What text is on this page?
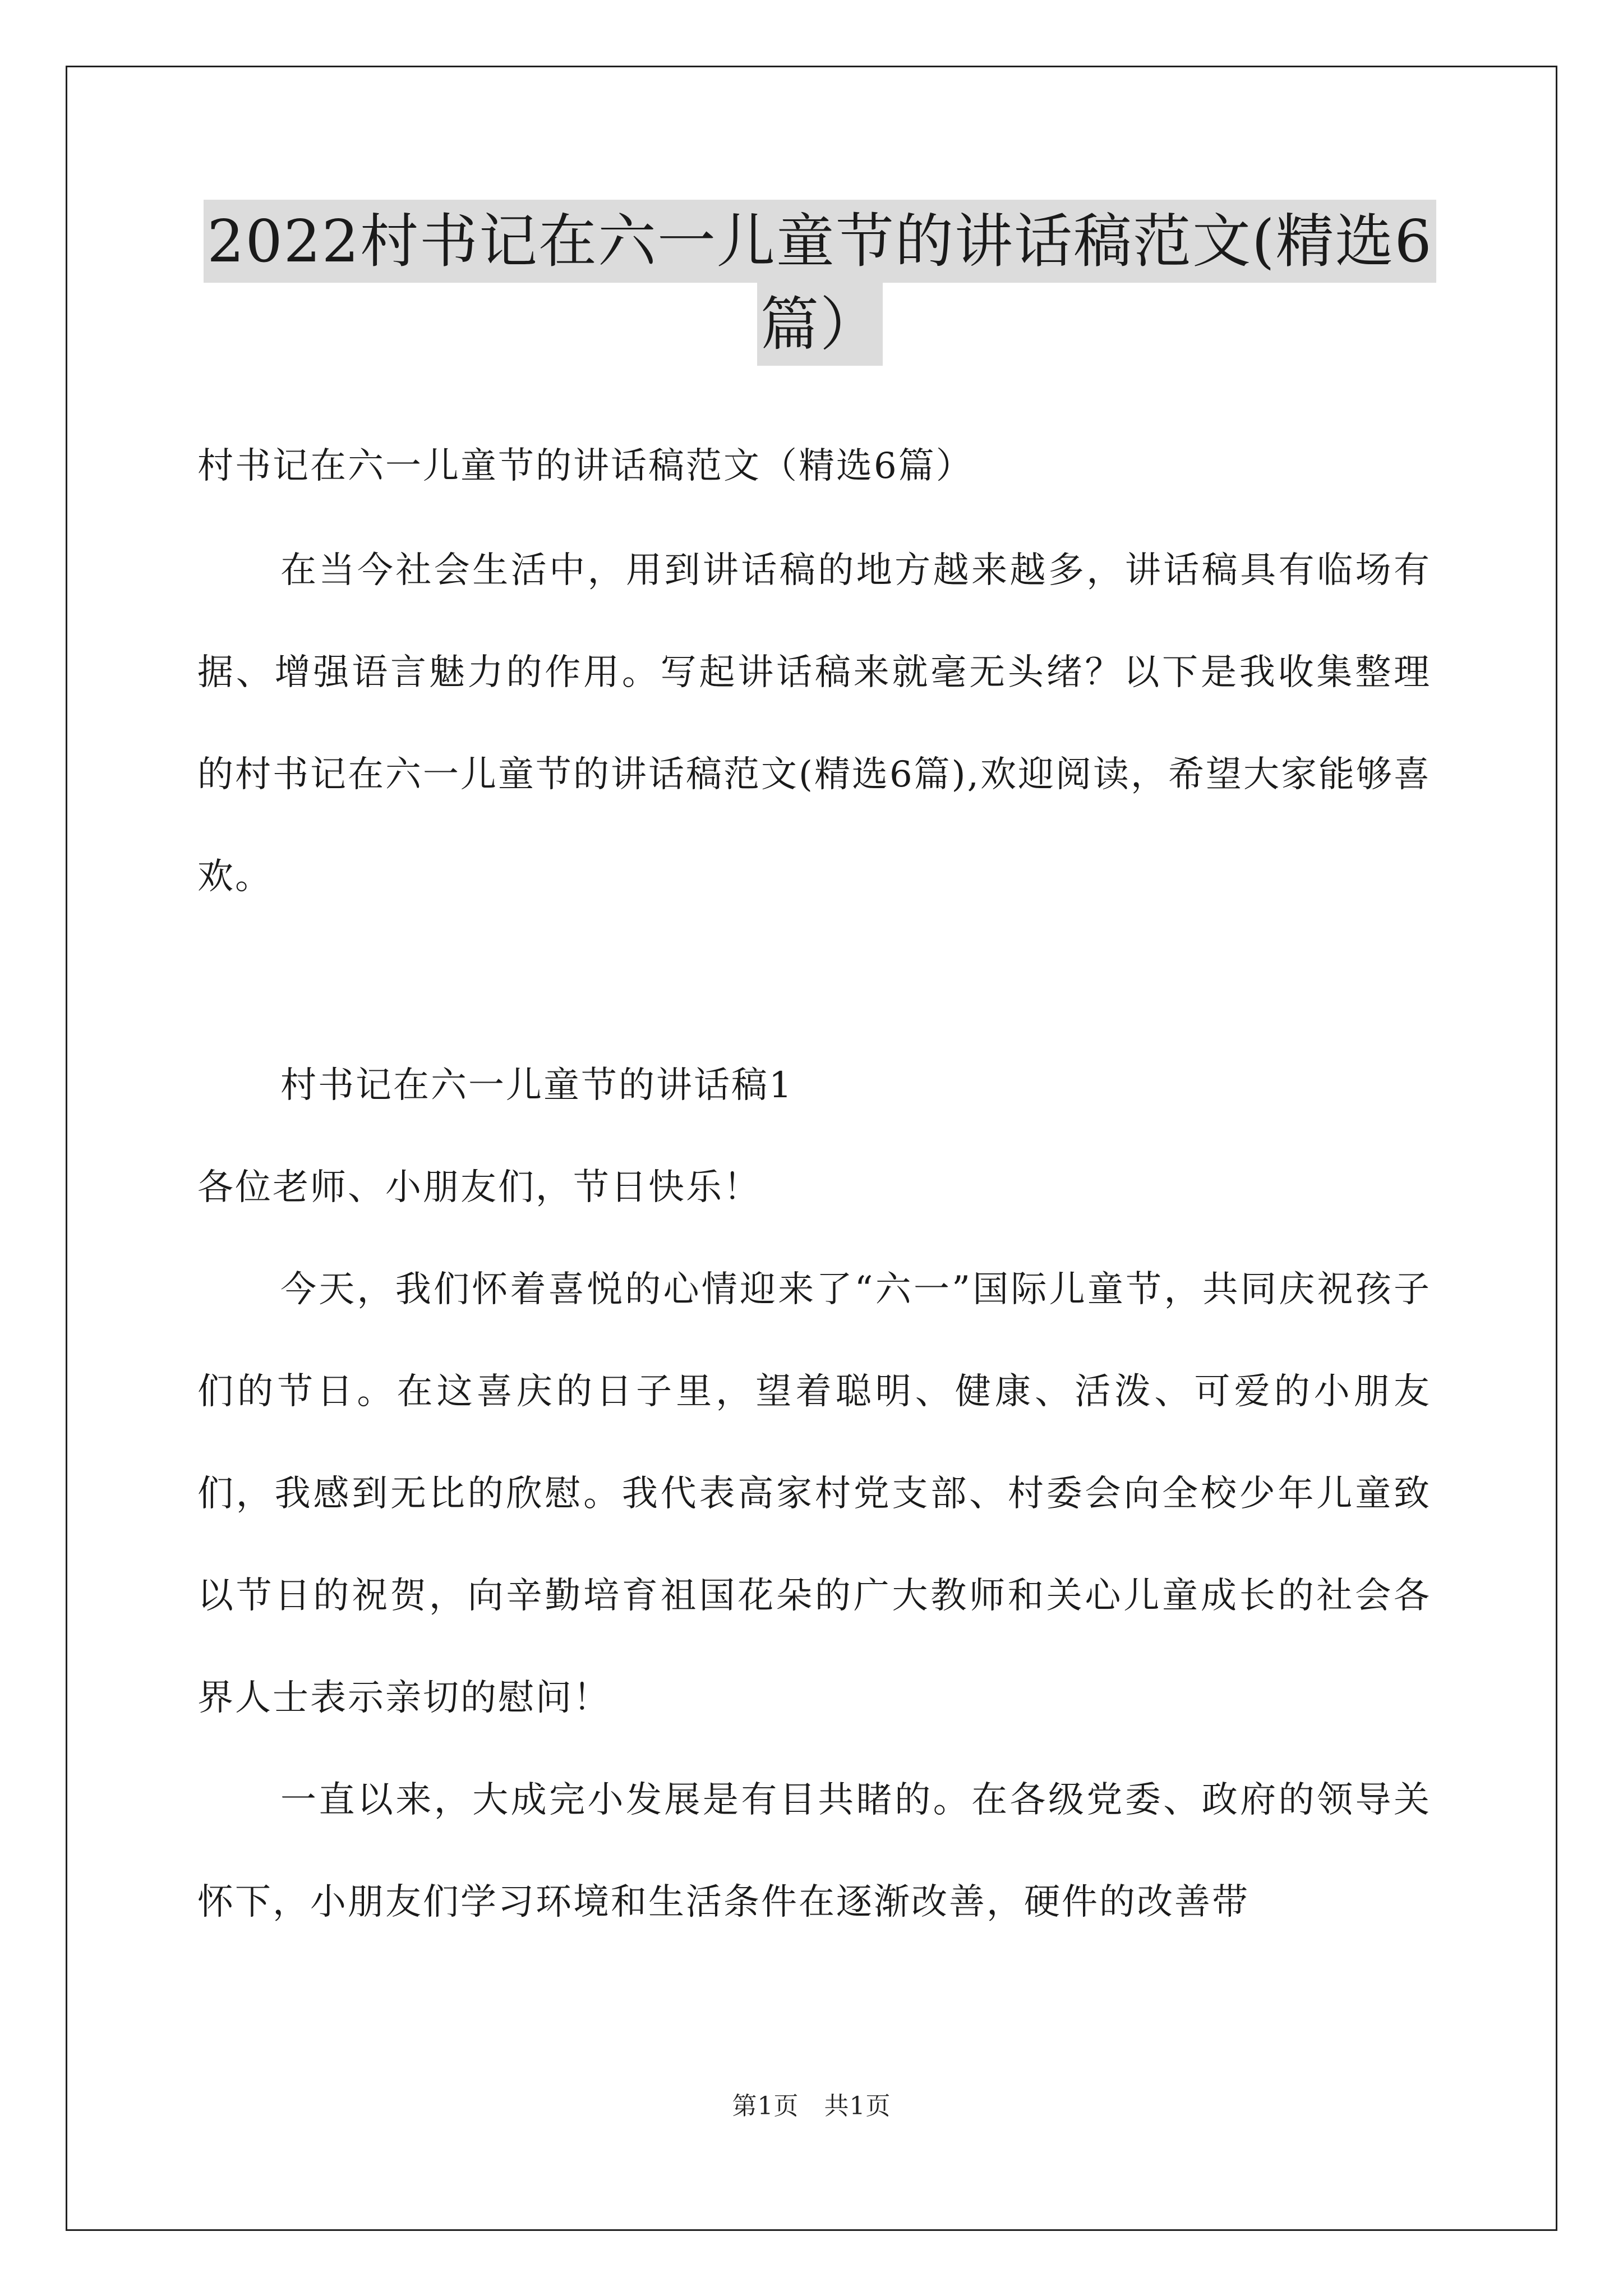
2022村书记在六一儿童节的讲话稿范文(精选6
篇）

村书记在六一儿童节的讲话稿范文（精选6篇）

在当今社会生活中，用到讲话稿的地方越来越多，讲话稿具有临场有据、增强语言魅力的作用。写起讲话稿来就毫无头绪？以下是我收集整理的村书记在六一儿童节的讲话稿范文(精选6篇),欢迎阅读，希望大家能够喜欢。

村书记在六一儿童节的讲话稿1

各位老师、小朋友们，节日快乐！

今天，我们怀着喜悦的心情迎来了“六一”国际儿童节，共同庆祝孩子们的节日。在这喜庆的日子里，望着聪明、健康、活泼、可爱的小朋友们，我感到无比的欣慰。我代表高家村党支部、村委会向全校少年儿童致以节日的祝贺，向辛勤培育祖国花朵的广大教师和关心儿童成长的社会各界人士表示亲切的慰问！

一直以来，大成完小发展是有目共睹的。在各级党委、政府的领导关怀下，小朋友们学习环境和生活条件在逐渐改善，硬件的改善带

第1页   共1页
